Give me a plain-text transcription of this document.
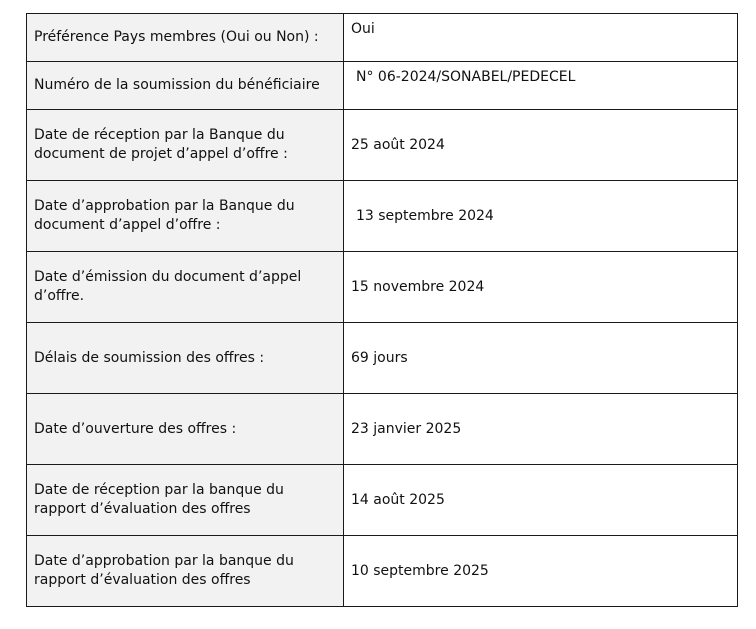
Préférence Pays membres (Oui ou Non) :	Oui
Numéro de la soumission du bénéficiaire	N° 06-2024/SONABEL/PEDECEL
Date de réception par la Banque du document de projet d’appel d’offre :	25 août 2024
Date d’approbation par la Banque du document d’appel d’offre :	13 septembre 2024
Date d’émission du document d’appel d’offre.	15 novembre 2024
Délais de soumission des offres :	69 jours
Date d’ouverture des offres :	23 janvier 2025
Date de réception par la banque du rapport d’évaluation des offres	14 août 2025
Date d’approbation par la banque du rapport d’évaluation des offres	10 septembre 2025
